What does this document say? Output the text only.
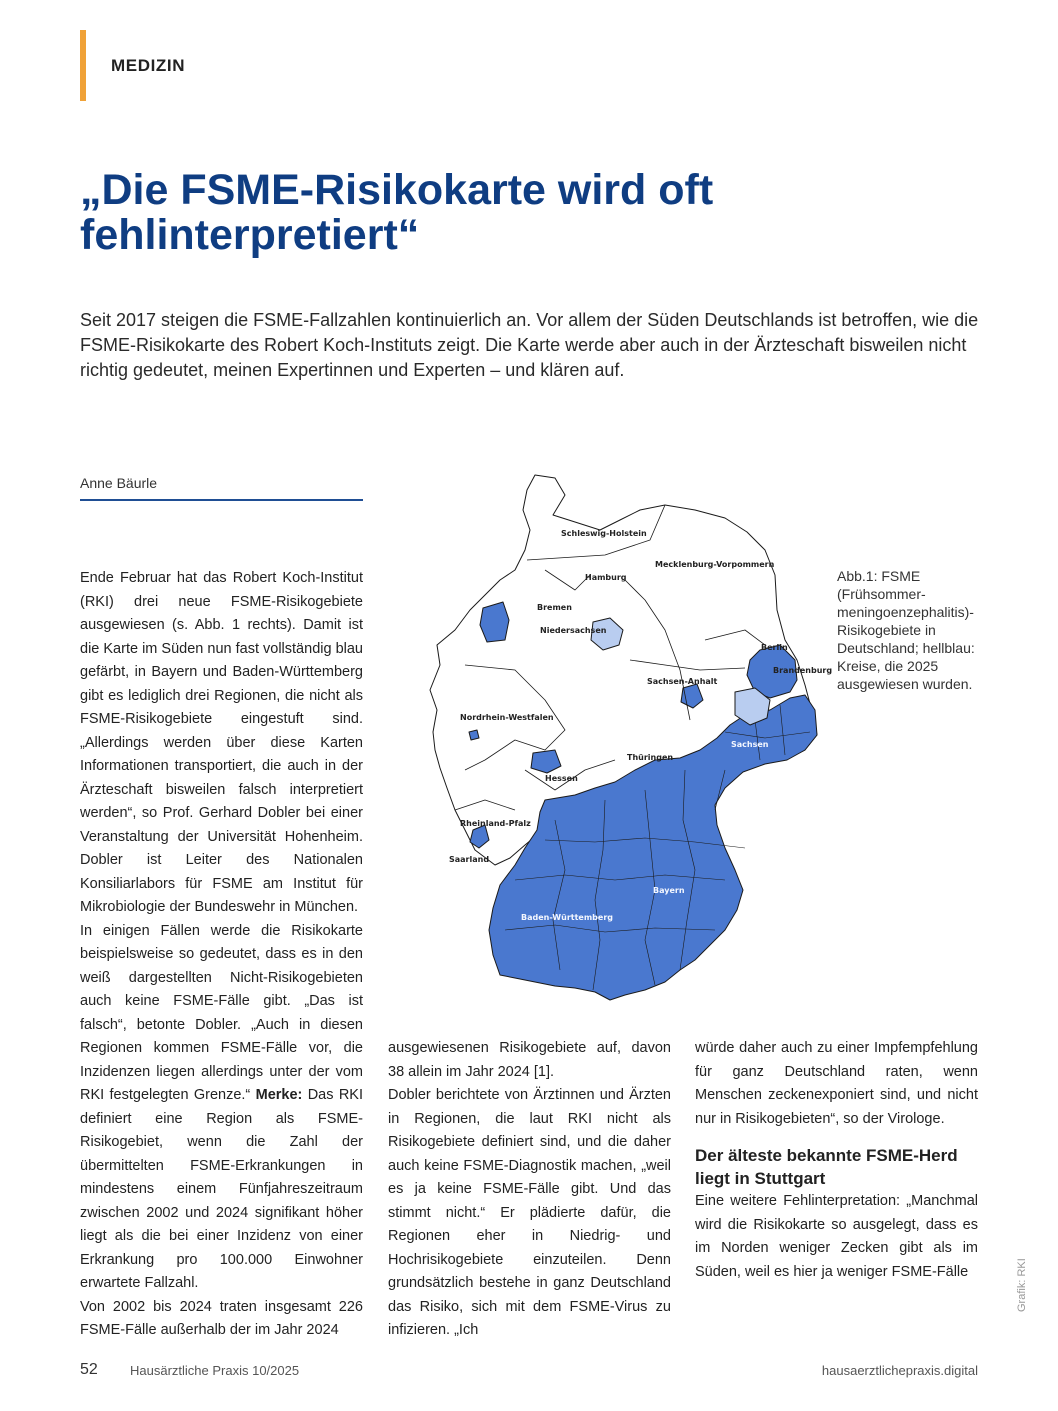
MEDIZIN
„Die FSME-Risikokarte wird oft fehlinterpretiert“

Seit 2017 steigen die FSME-Fallzahlen kontinuierlich an. Vor allem der Süden Deutschlands ist betroffen, wie die FSME-Risikokarte des Robert Koch-Instituts zeigt. Die Karte werde aber auch in der Ärzteschaft bisweilen nicht richtig gedeutet, meinen Expertinnen und Experten – und klären auf.

Anne Bäurle

Ende Februar hat das Robert Koch-Institut (RKI) drei neue FSME-Risikogebiete ausgewiesen (s. Abb. 1 rechts). Damit ist die Karte im Süden nun fast vollständig blau gefärbt, in Bayern und Baden-Württemberg gibt es lediglich drei Regionen, die nicht als FSME-Risikogebiete eingestuft sind. „Allerdings werden über diese Karten Informationen transportiert, die auch in der Ärzteschaft bisweilen falsch interpretiert werden“, so Prof. Gerhard Dobler bei einer Veranstaltung der Universität Hohenheim. Dobler ist Leiter des Nationalen Konsiliarlabors für FSME am Institut für Mikrobiologie der Bundeswehr in München.

In einigen Fällen werde die Risikokarte beispielsweise so gedeutet, dass es in den weiß dargestellten Nicht-Risikogebieten auch keine FSME-Fälle gibt. „Das ist falsch“, betonte Dobler. „Auch in diesen Regionen kommen FSME-Fälle vor, die Inzidenzen liegen allerdings unter der vom RKI festgelegten Grenze.“ Merke: Das RKI definiert eine Region als FSME-Risikogebiet, wenn die Zahl der übermittelten FSME-Erkrankungen in mindestens einem Fünfjahreszeitraum zwischen 2002 und 2024 signifikant höher liegt als die bei einer Inzidenz von einer Erkrankung pro 100.000 Einwohner erwartete Fallzahl.

Von 2002 bis 2024 traten insgesamt 226 FSME-Fälle außerhalb der im Jahr 2024

ausgewiesenen Risikogebiete auf, davon 38 allein im Jahr 2024 [1].

Dobler berichtete von Ärztinnen und Ärzten in Regionen, die laut RKI nicht als Risikogebiete definiert sind, und die daher auch keine FSME-Diagnostik machen, „weil es ja keine FSME-Fälle gibt. Und das stimmt nicht.“ Er plädierte dafür, die Regionen eher in Niedrig- und Hochrisikogebiete einzuteilen. Denn grundsätzlich bestehe in ganz Deutschland das Risiko, sich mit dem FSME-Virus zu infizieren. „Ich

würde daher auch zu einer Impfempfehlung für ganz Deutschland raten, wenn Menschen zeckenexponiert sind, und nicht nur in Risikogebieten“, so der Virologe.

Der älteste bekannte FSME-Herd liegt in Stuttgart

Eine weitere Fehlinterpretation: „Manchmal wird die Risikokarte so ausgelegt, dass es im Norden weniger Zecken gibt als im Süden, weil es hier ja weniger FSME-Fälle

Schleswig-Holstein
Mecklenburg-Vorpommern
Hamburg
Bremen
Niedersachsen
Berlin
Brandenburg
Sachsen-Anhalt
Nordrhein-Westfalen
Sachsen
Thüringen
Hessen
Rheinland-Pfalz
Saarland
Bayern
Baden-Württemberg
Abb.1: FSME (Frühsommer-meningoenzephalitis)-Risikogebiete in Deutschland; hellblau: Kreise, die 2025 ausgewiesen wurden.
Grafik: RKI
52 Hausärztliche Praxis 10/2025	hausaerztlichepraxis.digital
